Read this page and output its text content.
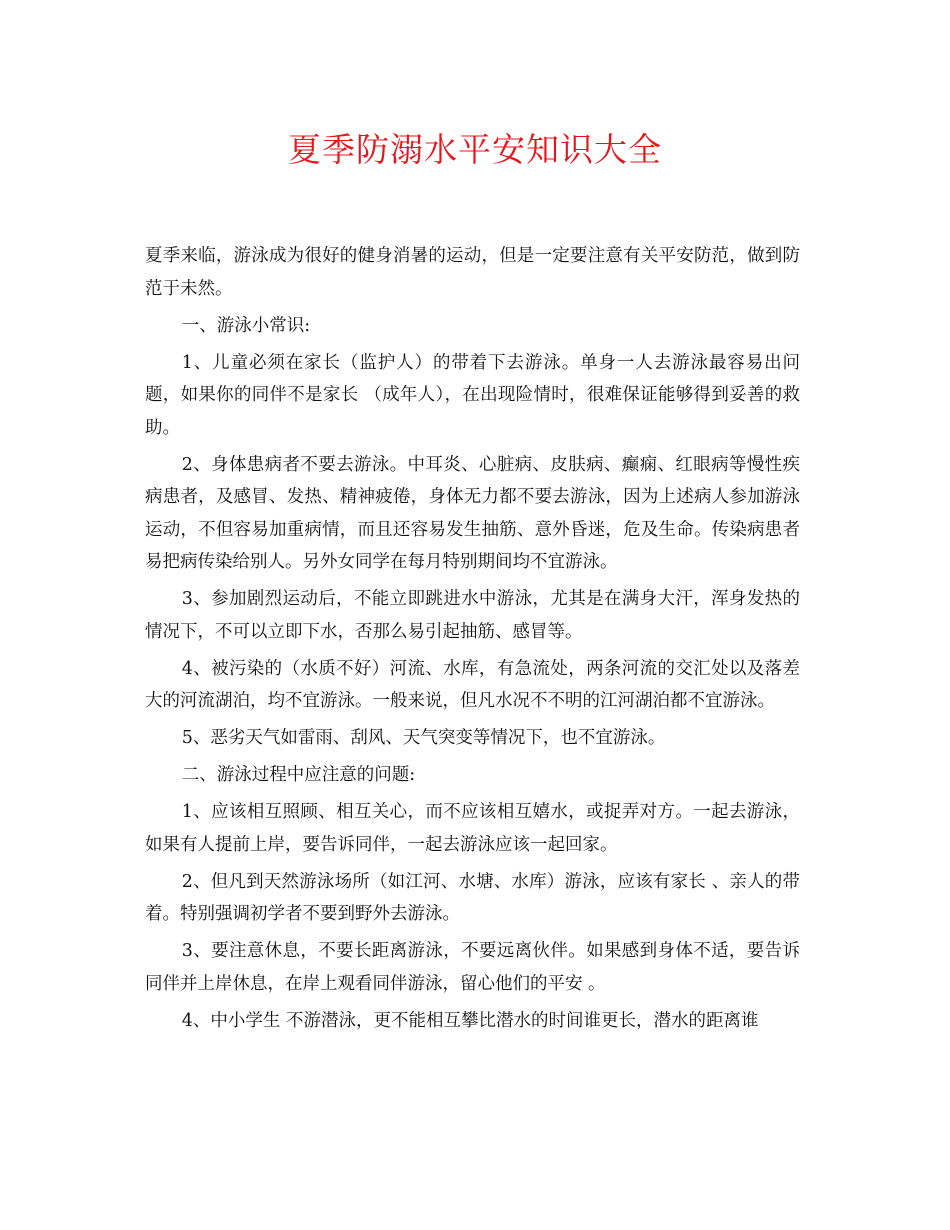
夏季防溺水平安知识大全

夏季来临，游泳成为很好的健身消暑的运动，但是一定要注意有关平安防范，做到防范于未然。

一、游泳小常识:

1、儿童必须在家长（监护人）的带着下去游泳。单身一人去游泳最容易出问题，如果你的同伴不是家长 （成年人），在出现险情时，很难保证能够得到妥善的救助。

2、身体患病者不要去游泳。中耳炎、心脏病、皮肤病、癫痫、红眼病等慢性疾病患者，及感冒、发热、精神疲倦，身体无力都不要去游泳，因为上述病人参加游泳运动，不但容易加重病情，而且还容易发生抽筋、意外昏迷，危及生命。传染病患者易把病传染给别人。另外女同学在每月特别期间均不宜游泳。

3、参加剧烈运动后，不能立即跳进水中游泳，尤其是在满身大汗，浑身发热的情况下，不可以立即下水，否那么易引起抽筋、感冒等。

4、被污染的（水质不好）河流、水库，有急流处，两条河流的交汇处以及落差大的河流湖泊，均不宜游泳。一般来说，但凡水况不不明的江河湖泊都不宜游泳。

5、恶劣天气如雷雨、刮风、天气突变等情况下，也不宜游泳。

二、游泳过程中应注意的问题:

1、应该相互照顾、相互关心，而不应该相互嬉水，或捉弄对方。一起去游泳，如果有人提前上岸，要告诉同伴，一起去游泳应该一起回家。

2、但凡到天然游泳场所（如江河、水塘、水库）游泳，应该有家长 、亲人的带着。特别强调初学者不要到野外去游泳。

3、要注意休息，不要长距离游泳，不要远离伙伴。如果感到身体不适，要告诉同伴并上岸休息，在岸上观看同伴游泳，留心他们的平安 。

4、中小学生 不游潜泳，更不能相互攀比潜水的时间谁更长，潜水的距离谁
